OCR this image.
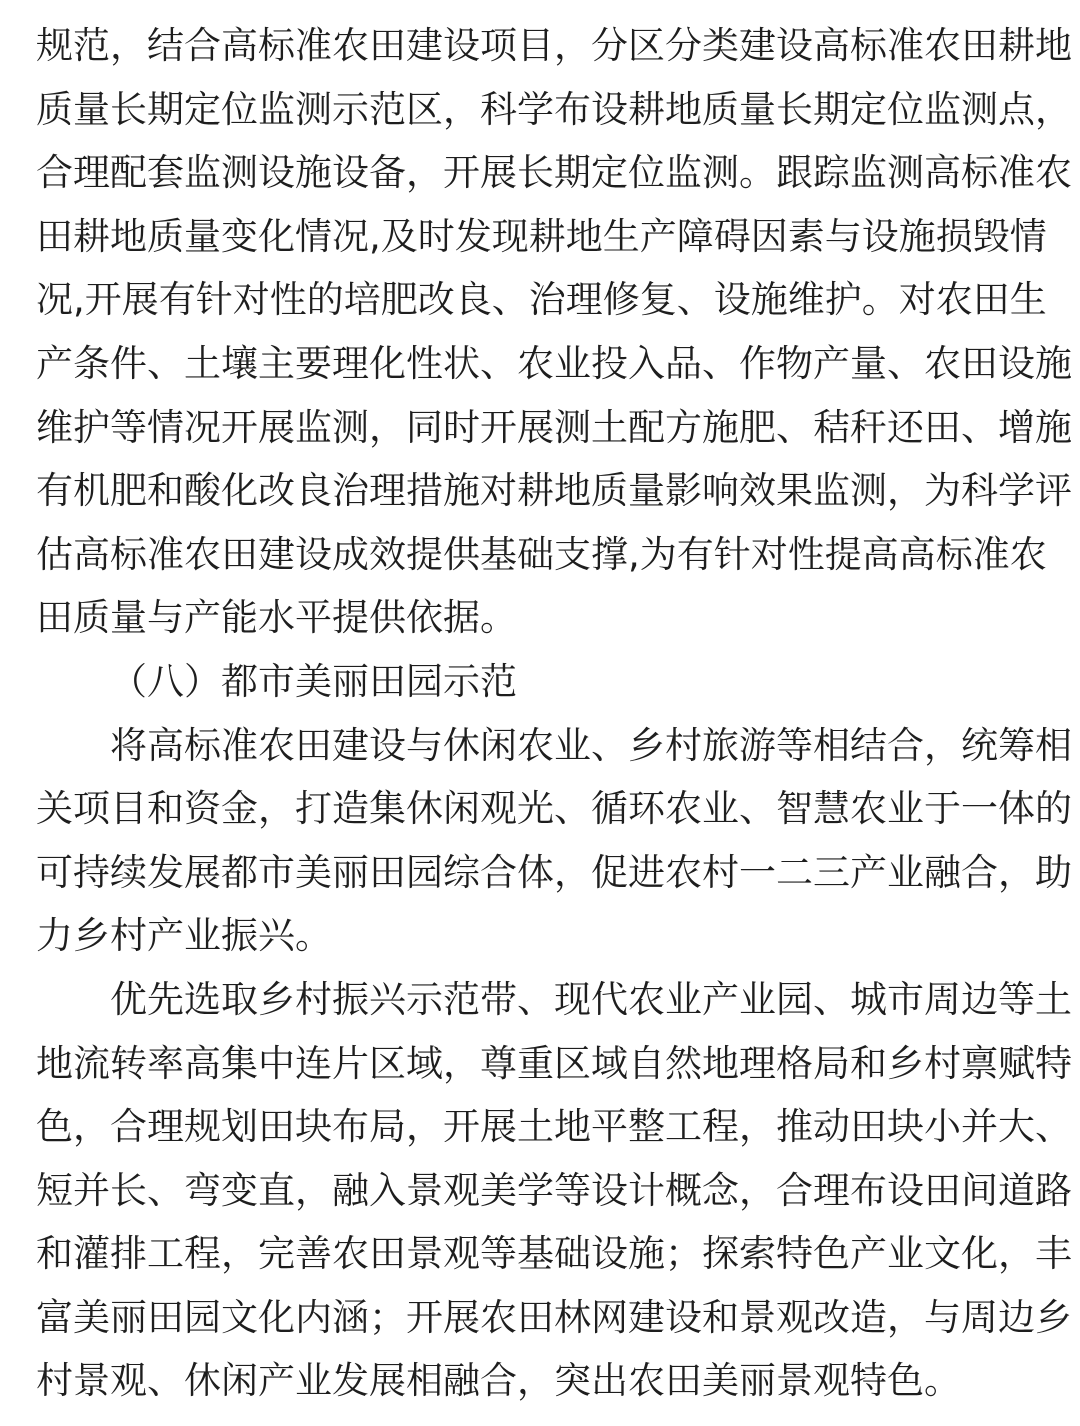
规范，结合高标准农田建设项目，分区分类建设高标准农田耕地
质量长期定位监测示范区，科学布设耕地质量长期定位监测点，
合理配套监测设施设备，开展长期定位监测。跟踪监测高标准农
田耕地质量变化情况,及时发现耕地生产障碍因素与设施损毁情
况,开展有针对性的培肥改良、治理修复、设施维护。对农田生
产条件、土壤主要理化性状、农业投入品、作物产量、农田设施
维护等情况开展监测，同时开展测土配方施肥、秸秆还田、增施
有机肥和酸化改良治理措施对耕地质量影响效果监测，为科学评
估高标准农田建设成效提供基础支撑,为有针对性提高高标准农
田质量与产能水平提供依据。
（八）都市美丽田园示范
将高标准农田建设与休闲农业、乡村旅游等相结合，统筹相
关项目和资金，打造集休闲观光、循环农业、智慧农业于一体的
可持续发展都市美丽田园综合体，促进农村一二三产业融合，助
力乡村产业振兴。
优先选取乡村振兴示范带、现代农业产业园、城市周边等土
地流转率高集中连片区域，尊重区域自然地理格局和乡村禀赋特
色，合理规划田块布局，开展土地平整工程，推动田块小并大、
短并长、弯变直，融入景观美学等设计概念，合理布设田间道路
和灌排工程，完善农田景观等基础设施；探索特色产业文化，丰
富美丽田园文化内涵；开展农田林网建设和景观改造，与周边乡
村景观、休闲产业发展相融合，突出农田美丽景观特色。
